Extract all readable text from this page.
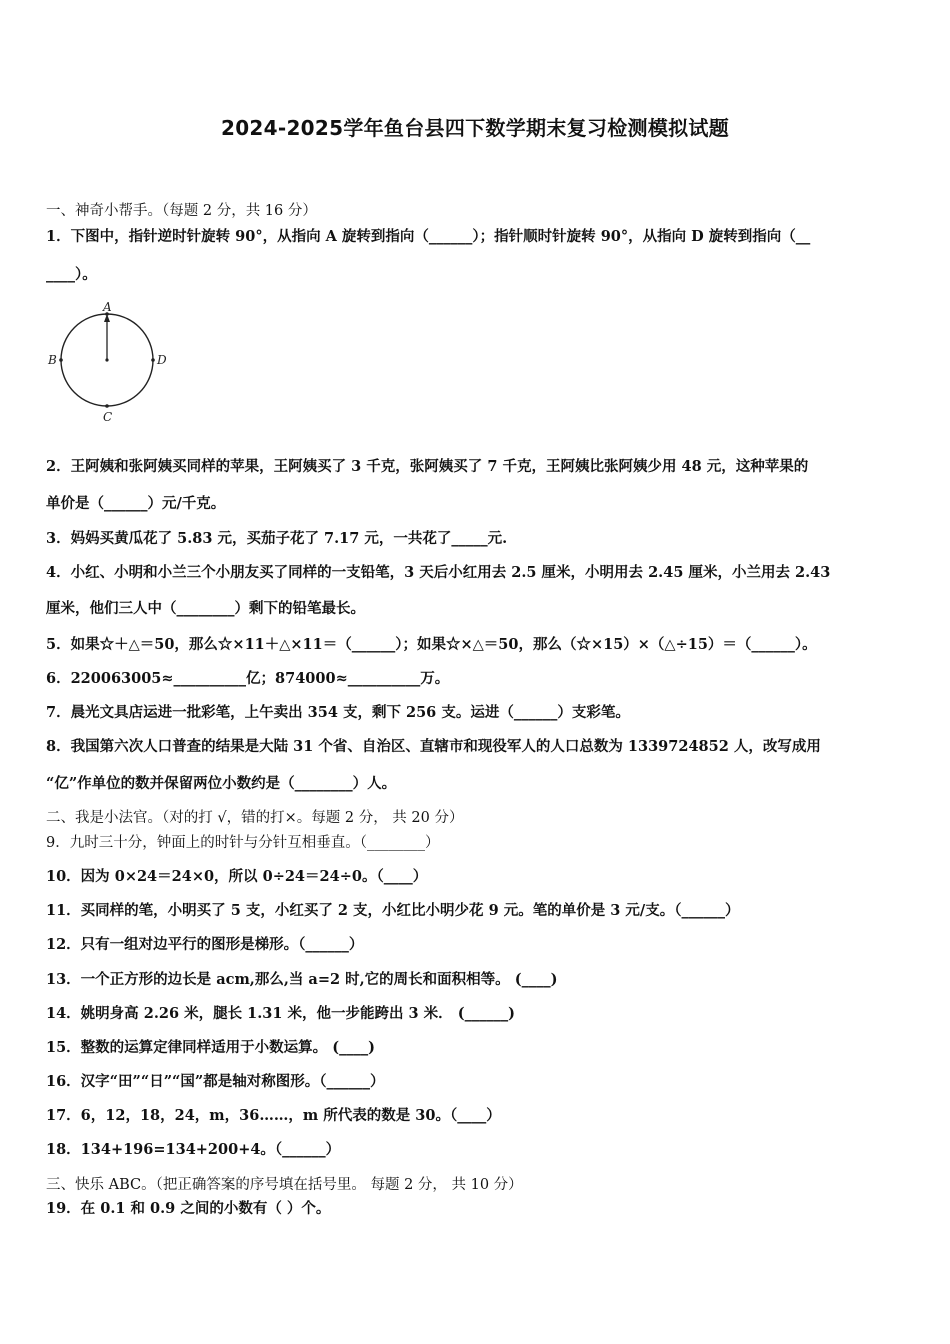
2024-2025学年鱼台县四下数学期末复习检测模拟试题
一、神奇小帮手。（每题 2 分，共 16 分）
1．下图中，指针逆时针旋转 90°，从指向 A 旋转到指向（______）；指针顺时针旋转 90°，从指向 D 旋转到指向（__
____）。
A
B
C
D
2．王阿姨和张阿姨买同样的苹果，王阿姨买了 3 千克，张阿姨买了 7 千克，王阿姨比张阿姨少用 48 元，这种苹果的
单价是（______）元/千克。
3．妈妈买黄瓜花了 5.83 元，买茄子花了 7.17 元，一共花了_____元.
4．小红、小明和小兰三个小朋友买了同样的一支铅笔，3 天后小红用去 2.5 厘米，小明用去 2.45 厘米，小兰用去 2.43
厘米，他们三人中（________）剩下的铅笔最长。
5．如果☆＋△＝50，那么☆×11＋△×11＝（______）；如果☆×△＝50，那么（☆×15）×（△÷15）＝（______）。
6．220063005≈__________亿；874000≈__________万。
7．晨光文具店运进一批彩笔，上午卖出 354 支，剩下 256 支。运进（______）支彩笔。
8．我国第六次人口普查的结果是大陆 31 个省、自治区、直辖市和现役军人的人口总数为 1339724852 人，改写成用
“亿”作单位的数并保留两位小数约是（________）人。
二、我是小法官。（对的打 √，错的打×。每题 2 分， 共 20 分）
9．九时三十分，钟面上的时针与分针互相垂直。（________）
10．因为 0×24＝24×0，所以 0÷24＝24÷0。（____）
11．买同样的笔，小明买了 5 支，小红买了 2 支，小红比小明少花 9 元。笔的单价是 3 元/支。（______）
12．只有一组对边平行的图形是梯形。（______）
13．一个正方形的边长是 acm,那么,当 a=2 时,它的周长和面积相等。 (____)
14．姚明身高 2.26 米，腿长 1.31 米，他一步能跨出 3 米． (______)
15．整数的运算定律同样适用于小数运算。 (____)
16．汉字“田”“日”“国”都是轴对称图形。（______）
17．6，12，18，24，m，36……，m 所代表的数是 30。（____）
18．134+196=134+200+4。（______）
三、快乐 ABC。（把正确答案的序号填在括号里。 每题 2 分， 共 10 分）
19．在 0.1 和 0.9 之间的小数有（ ）个。
